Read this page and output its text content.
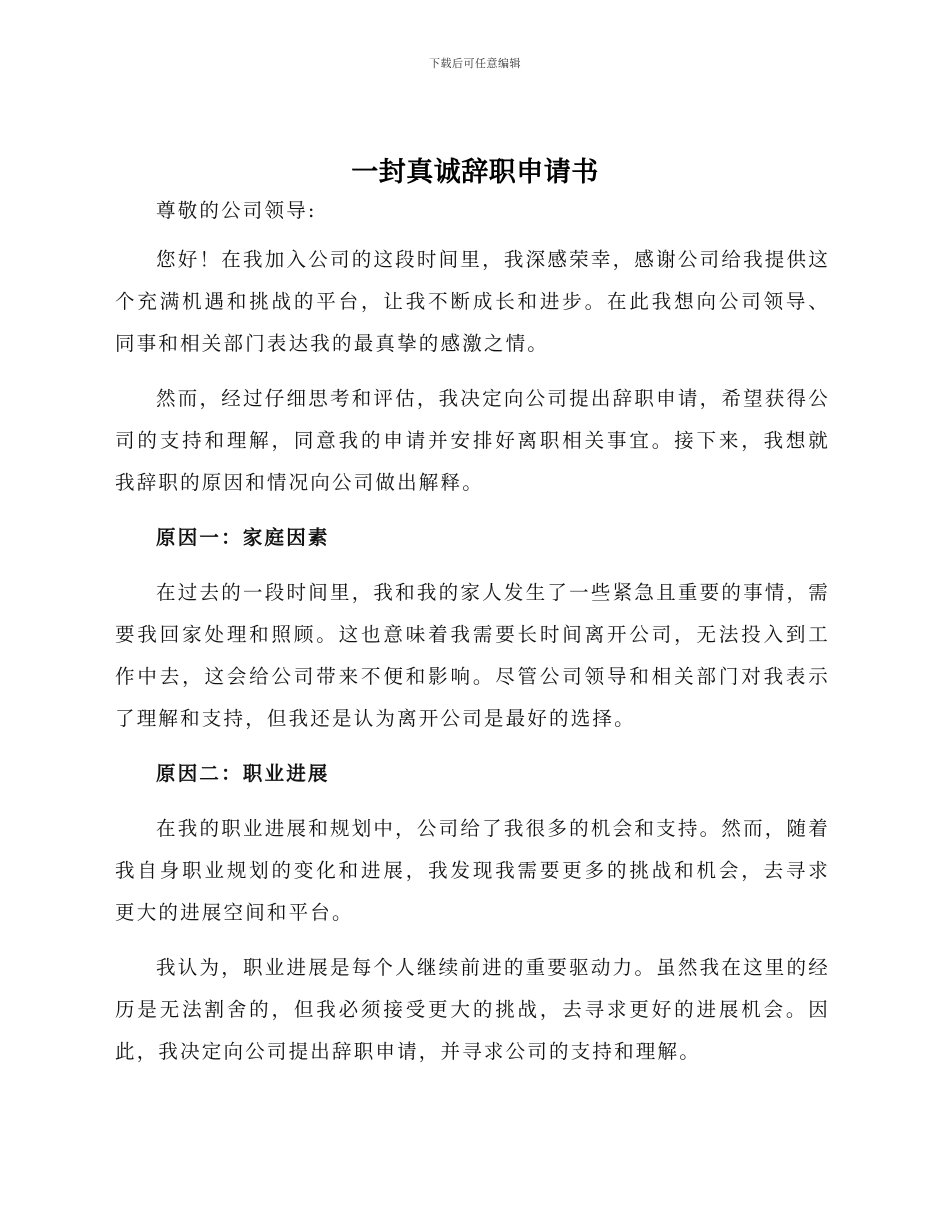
下载后可任意编辑
一封真诚辞职申请书

尊敬的公司领导:

您好！在我加入公司的这段时间里，我深感荣幸，感谢公司给我提供这个充满机遇和挑战的平台，让我不断成长和进步。在此我想向公司领导、同事和相关部门表达我的最真挚的感激之情。

然而，经过仔细思考和评估，我决定向公司提出辞职申请，希望获得公司的支持和理解，同意我的申请并安排好离职相关事宜。接下来，我想就我辞职的原因和情况向公司做出解释。

原因一：家庭因素

在过去的一段时间里，我和我的家人发生了一些紧急且重要的事情，需要我回家处理和照顾。这也意味着我需要长时间离开公司，无法投入到工作中去，这会给公司带来不便和影响。尽管公司领导和相关部门对我表示了理解和支持，但我还是认为离开公司是最好的选择。

原因二：职业进展

在我的职业进展和规划中，公司给了我很多的机会和支持。然而，随着我自身职业规划的变化和进展，我发现我需要更多的挑战和机会，去寻求更大的进展空间和平台。

我认为，职业进展是每个人继续前进的重要驱动力。虽然我在这里的经历是无法割舍的，但我必须接受更大的挑战，去寻求更好的进展机会。因此，我决定向公司提出辞职申请，并寻求公司的支持和理解。
